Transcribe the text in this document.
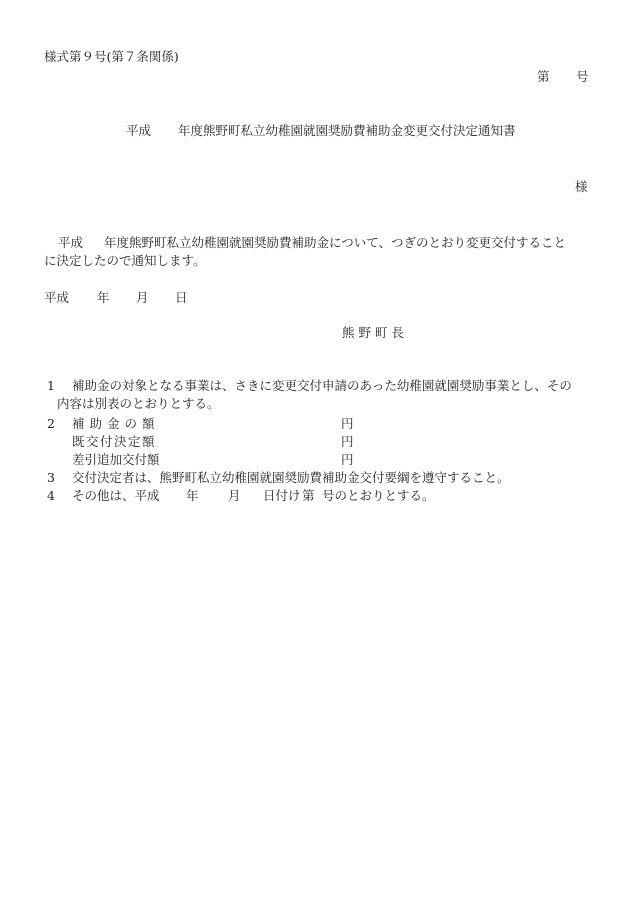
様式第９号(第７条関係)
第 号
平成 年度熊野町私立幼稚園就園奨励費補助金変更交付決定通知書
様
平成 年度熊野町私立幼稚園就園奨励費補助金について、つぎのとおり変更交付すること
に決定したので通知します。
平成 年 月 日
熊 野 町 長
1 補助金の対象となる事業は、さきに変更交付申請のあった幼稚園就園奨励事業とし、その
内容は別表のとおりとする。
2 補助金の額	円
既交付決定額	円
差引追加交付額	円
3 交付決定者は、熊野町私立幼稚園就園奨励費補助金交付要綱を遵守すること。
4 その他は、平成 年 月 日付け 第 号のとおりとする。
